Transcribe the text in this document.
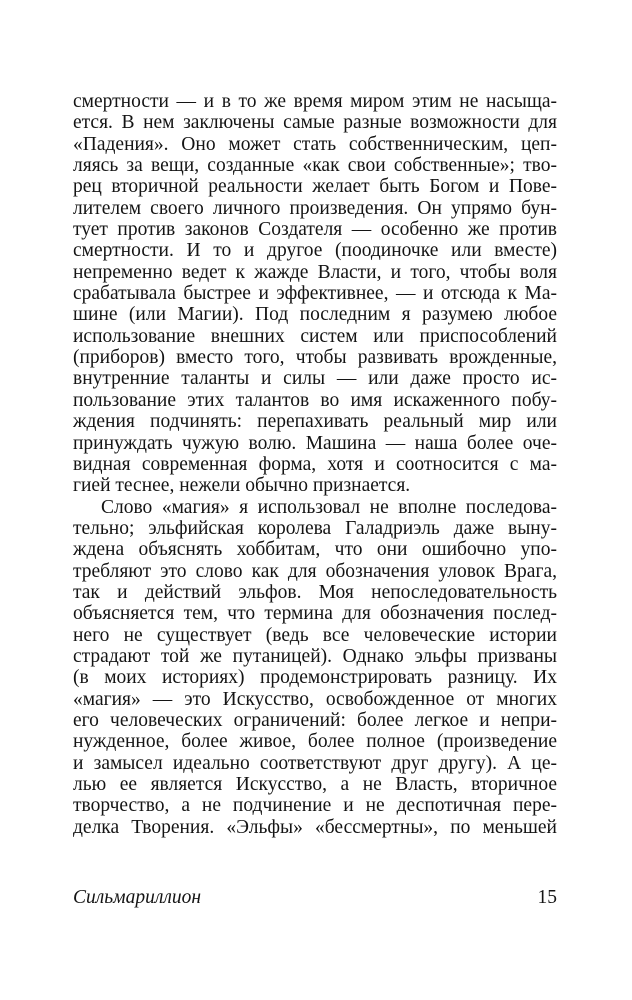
смертности — и в то же время миром этим не насыща-
ется. В нем заключены самые разные возможности для
«Падения». Оно может стать собственническим, цеп-
ляясь за вещи, созданные «как свои собственные»; тво-
рец вторичной реальности желает быть Богом и Пове-
лителем своего личного произведения. Он упрямо бун-
тует против законов Создателя — особенно же против
смертности. И то и другое (поодиночке или вместе)
непременно ведет к жажде Власти, и того, чтобы воля
срабатывала быстрее и эффективнее, — и отсюда к Ма-
шине (или Магии). Под последним я разумею любое
использование внешних систем или приспособлений
(приборов) вместо того, чтобы развивать врожденные,
внутренние таланты и силы — или даже просто ис-
пользование этих талантов во имя искаженного побу-
ждения подчинять: перепахивать реальный мир или
принуждать чужую волю. Машина — наша более оче-
видная современная форма, хотя и соотносится с ма-
гией теснее, нежели обычно признается.
Слово «магия» я использовал не вполне последова-
тельно; эльфийская королева Галадриэль даже выну-
ждена объяснять хоббитам, что они ошибочно упо-
требляют это слово как для обозначения уловок Врага,
так и действий эльфов. Моя непоследовательность
объясняется тем, что термина для обозначения послед-
него не существует (ведь все человеческие истории
страдают той же путаницей). Однако эльфы призваны
(в моих историях) продемонстрировать разницу. Их
«магия» — это Искусство, освобожденное от многих
его человеческих ограничений: более легкое и непри-
нужденное, более живое, более полное (произведение
и замысел идеально соответствуют друг другу). А це-
лью ее является Искусство, а не Власть, вторичное
творчество, а не подчинение и не деспотичная пере-
делка Творения. «Эльфы» «бессмертны», по меньшей
Сильмариллион	15
